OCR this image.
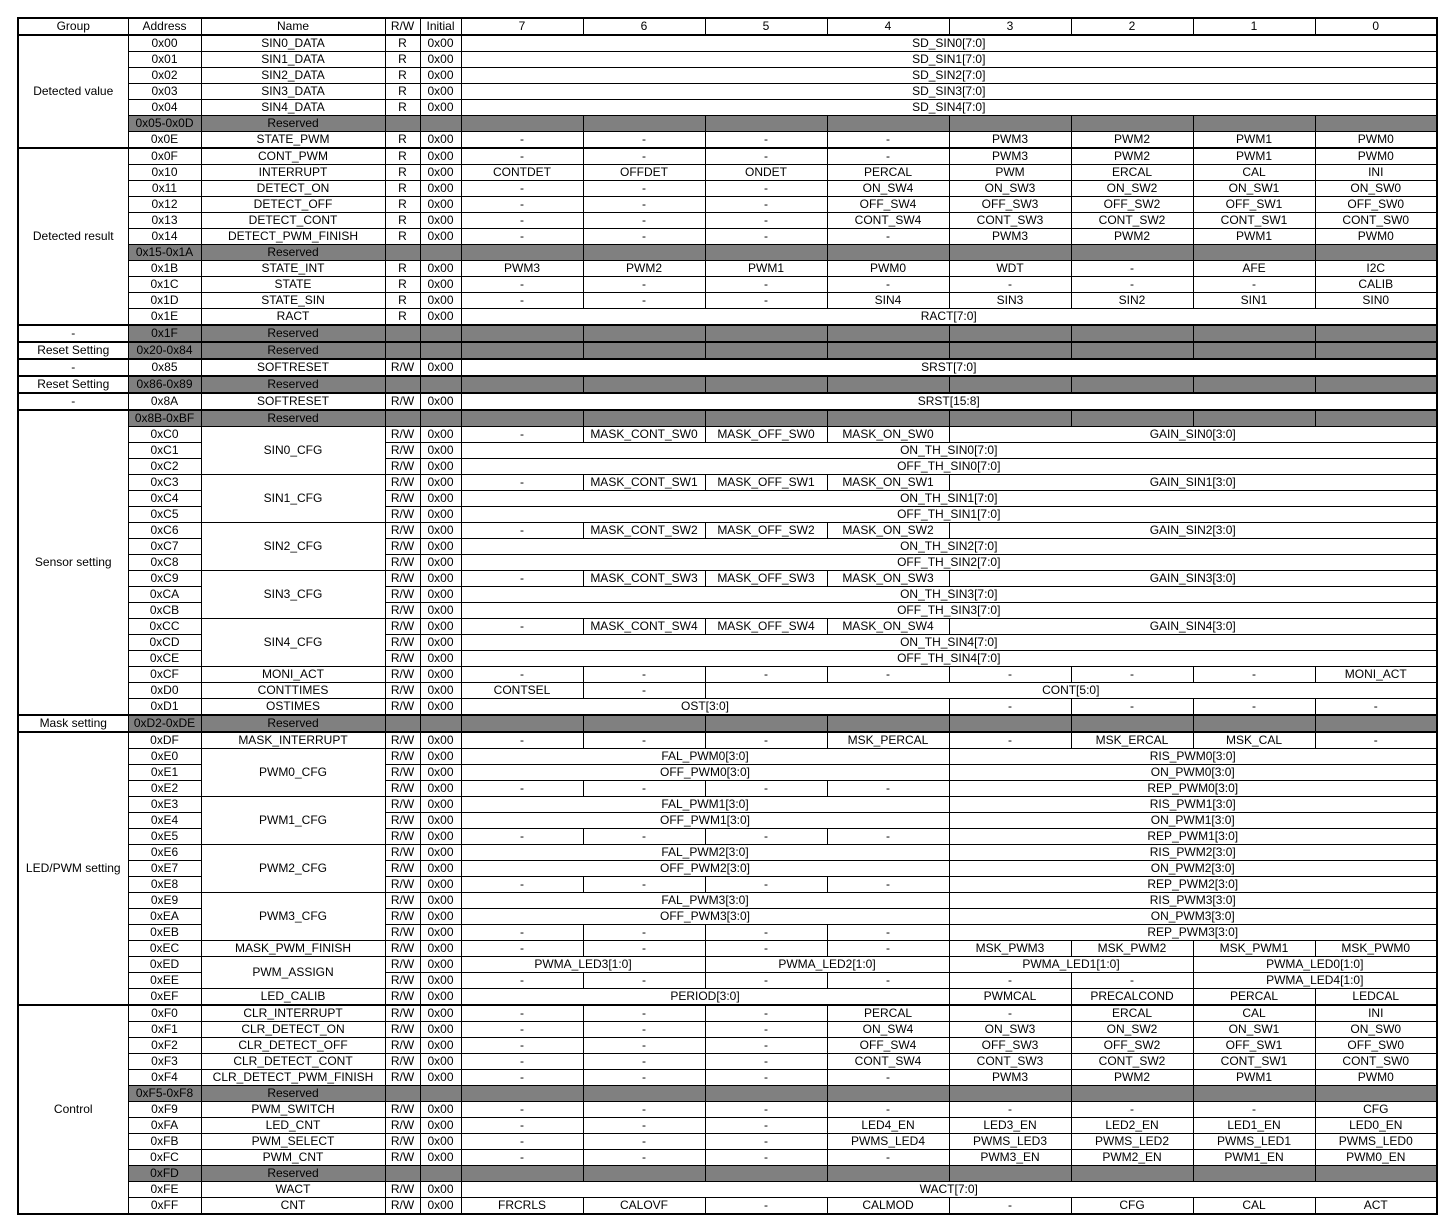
Group	Address	Name	R/W	Initial	7	6	5	4	3	2	1	0
Detected value	0x00	SIN0_DATA	R	0x00	SD_SIN0[7:0]							
	0x01	SIN1_DATA	R	0x00	SD_SIN1[7:0]							
	0x02	SIN2_DATA	R	0x00	SD_SIN2[7:0]							
	0x03	SIN3_DATA	R	0x00	SD_SIN3[7:0]							
	0x04	SIN4_DATA	R	0x00	SD_SIN4[7:0]							
	0x05-0x0D	Reserved										
	0x0E	STATE_PWM	R	0x00	-	-	-	-	PWM3	PWM2	PWM1	PWM0
Detected result	0x0F	CONT_PWM	R	0x00	-	-	-	-	PWM3	PWM2	PWM1	PWM0
	0x10	INTERRUPT	R	0x00	CONTDET	OFFDET	ONDET	PERCAL	PWM	ERCAL	CAL	INI
	0x11	DETECT_ON	R	0x00	-	-	-	ON_SW4	ON_SW3	ON_SW2	ON_SW1	ON_SW0
	0x12	DETECT_OFF	R	0x00	-	-	-	OFF_SW4	OFF_SW3	OFF_SW2	OFF_SW1	OFF_SW0
	0x13	DETECT_CONT	R	0x00	-	-	-	CONT_SW4	CONT_SW3	CONT_SW2	CONT_SW1	CONT_SW0
	0x14	DETECT_PWM_FINISH	R	0x00	-	-	-	-	PWM3	PWM2	PWM1	PWM0
	0x15-0x1A	Reserved										
	0x1B	STATE_INT	R	0x00	PWM3	PWM2	PWM1	PWM0	WDT	-	AFE	I2C
	0x1C	STATE	R	0x00	-	-	-	-	-	-	-	CALIB
	0x1D	STATE_SIN	R	0x00	-	-	-	SIN4	SIN3	SIN2	SIN1	SIN0
	0x1E	RACT	R	0x00	RACT[7:0]							
-	0x1F	Reserved										
Reset Setting	0x20-0x84	Reserved										
-	0x85	SOFTRESET	R/W	0x00	SRST[7:0]							
Reset Setting	0x86-0x89	Reserved										
-	0x8A	SOFTRESET	R/W	0x00	SRST[15:8]							
Sensor setting	0x8B-0xBF	Reserved										
	0xC0	SIN0_CFG	R/W	0x00	-	MASK_CONT_SW0	MASK_OFF_SW0	MASK_ON_SW0	GAIN_SIN0[3:0]			
	0xC1		R/W	0x00	ON_TH_SIN0[7:0]							
	0xC2		R/W	0x00	OFF_TH_SIN0[7:0]							
	0xC3	SIN1_CFG	R/W	0x00	-	MASK_CONT_SW1	MASK_OFF_SW1	MASK_ON_SW1	GAIN_SIN1[3:0]			
	0xC4		R/W	0x00	ON_TH_SIN1[7:0]							
	0xC5		R/W	0x00	OFF_TH_SIN1[7:0]							
	0xC6	SIN2_CFG	R/W	0x00	-	MASK_CONT_SW2	MASK_OFF_SW2	MASK_ON_SW2	GAIN_SIN2[3:0]			
	0xC7		R/W	0x00	ON_TH_SIN2[7:0]							
	0xC8		R/W	0x00	OFF_TH_SIN2[7:0]							
	0xC9	SIN3_CFG	R/W	0x00	-	MASK_CONT_SW3	MASK_OFF_SW3	MASK_ON_SW3	GAIN_SIN3[3:0]			
	0xCA		R/W	0x00	ON_TH_SIN3[7:0]							
	0xCB		R/W	0x00	OFF_TH_SIN3[7:0]							
	0xCC	SIN4_CFG	R/W	0x00	-	MASK_CONT_SW4	MASK_OFF_SW4	MASK_ON_SW4	GAIN_SIN4[3:0]			
	0xCD		R/W	0x00	ON_TH_SIN4[7:0]							
	0xCE		R/W	0x00	OFF_TH_SIN4[7:0]							
	0xCF	MONI_ACT	R/W	0x00	-	-	-	-	-	-	-	MONI_ACT
	0xD0	CONTTIMES	R/W	0x00	CONTSEL	-	CONT[5:0]					
	0xD1	OSTIMES	R/W	0x00	OST[3:0]				-	-	-	-
Mask setting	0xD2-0xDE	Reserved										
LED/PWM setting	0xDF	MASK_INTERRUPT	R/W	0x00	-	-	-	MSK_PERCAL	-	MSK_ERCAL	MSK_CAL	-
	0xE0	PWM0_CFG	R/W	0x00	FAL_PWM0[3:0]				RIS_PWM0[3:0]			
	0xE1		R/W	0x00	OFF_PWM0[3:0]				ON_PWM0[3:0]			
	0xE2		R/W	0x00	-	-	-	-	REP_PWM0[3:0]			
	0xE3	PWM1_CFG	R/W	0x00	FAL_PWM1[3:0]				RIS_PWM1[3:0]			
	0xE4		R/W	0x00	OFF_PWM1[3:0]				ON_PWM1[3:0]			
	0xE5		R/W	0x00	-	-	-	-	REP_PWM1[3:0]			
	0xE6	PWM2_CFG	R/W	0x00	FAL_PWM2[3:0]				RIS_PWM2[3:0]			
	0xE7		R/W	0x00	OFF_PWM2[3:0]				ON_PWM2[3:0]			
	0xE8		R/W	0x00	-	-	-	-	REP_PWM2[3:0]			
	0xE9	PWM3_CFG	R/W	0x00	FAL_PWM3[3:0]				RIS_PWM3[3:0]			
	0xEA		R/W	0x00	OFF_PWM3[3:0]				ON_PWM3[3:0]			
	0xEB		R/W	0x00	-	-	-	-	REP_PWM3[3:0]			
	0xEC	MASK_PWM_FINISH	R/W	0x00	-	-	-	-	MSK_PWM3	MSK_PWM2	MSK_PWM1	MSK_PWM0
	0xED	PWM_ASSIGN	R/W	0x00	PWMA_LED3[1:0]		PWMA_LED2[1:0]		PWMA_LED1[1:0]		PWMA_LED0[1:0]	
	0xEE		R/W	0x00	-	-	-	-	-	-	PWMA_LED4[1:0]	
	0xEF	LED_CALIB	R/W	0x00	PERIOD[3:0]				PWMCAL	PRECALCOND	PERCAL	LEDCAL
Control	0xF0	CLR_INTERRUPT	R/W	0x00	-	-	-	PERCAL	-	ERCAL	CAL	INI
	0xF1	CLR_DETECT_ON	R/W	0x00	-	-	-	ON_SW4	ON_SW3	ON_SW2	ON_SW1	ON_SW0
	0xF2	CLR_DETECT_OFF	R/W	0x00	-	-	-	OFF_SW4	OFF_SW3	OFF_SW2	OFF_SW1	OFF_SW0
	0xF3	CLR_DETECT_CONT	R/W	0x00	-	-	-	CONT_SW4	CONT_SW3	CONT_SW2	CONT_SW1	CONT_SW0
	0xF4	CLR_DETECT_PWM_FINISH	R/W	0x00	-	-	-	-	PWM3	PWM2	PWM1	PWM0
	0xF5-0xF8	Reserved										
	0xF9	PWM_SWITCH	R/W	0x00	-	-	-	-	-	-	-	CFG
	0xFA	LED_CNT	R/W	0x00	-	-	-	LED4_EN	LED3_EN	LED2_EN	LED1_EN	LED0_EN
	0xFB	PWM_SELECT	R/W	0x00	-	-	-	PWMS_LED4	PWMS_LED3	PWMS_LED2	PWMS_LED1	PWMS_LED0
	0xFC	PWM_CNT	R/W	0x00	-	-	-	-	PWM3_EN	PWM2_EN	PWM1_EN	PWM0_EN
	0xFD	Reserved										
	0xFE	WACT	R/W	0x00	WACT[7:0]							
	0xFF	CNT	R/W	0x00	FRCRLS	CALOVF	-	CALMOD	-	CFG	CAL	ACT
